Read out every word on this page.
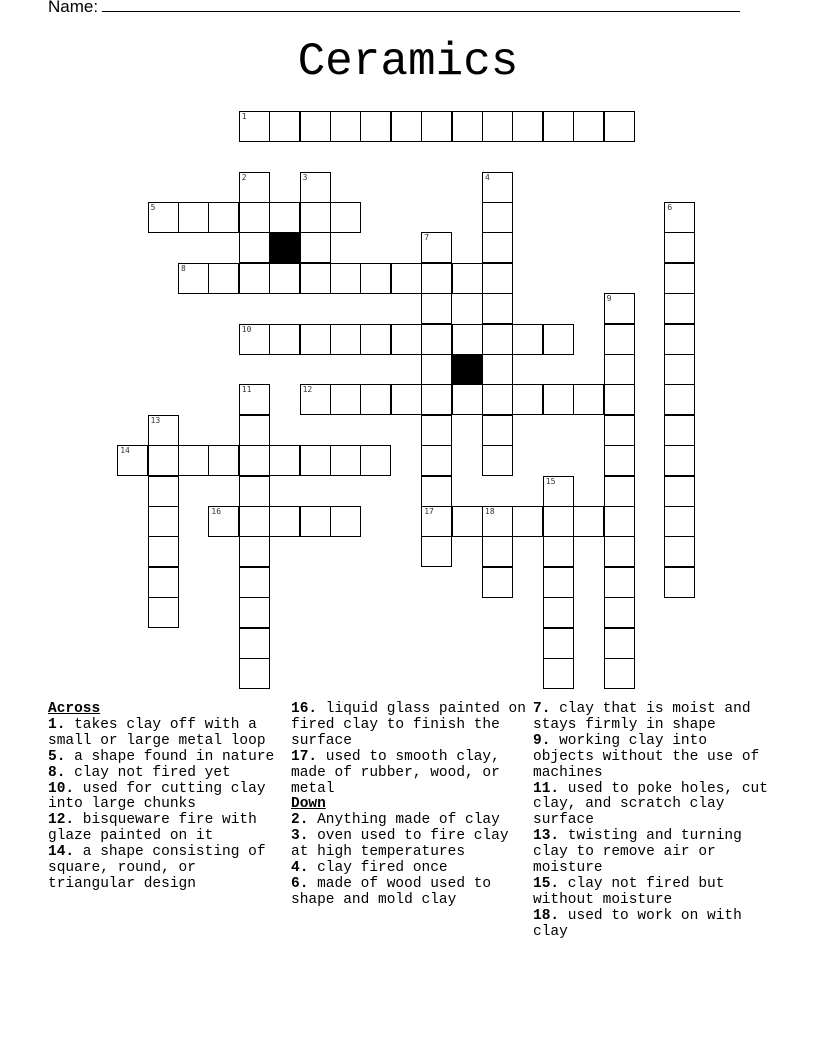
Name:
Ceramics
1
5
8
10
12
14
16	17	18
2	3	4
6
7
9
11
13
15
Across
1. takes clay off with a small or large metal loop
5. a shape found in nature
8. clay not fired yet
10. used for cutting clay into large chunks
12. bisqueware fire with glaze painted on it
14. a shape consisting of square, round, or triangular design
16. liquid glass painted on fired clay to finish the surface
17. used to smooth clay, made of rubber, wood, or metal
Down
2. Anything made of clay
3. oven used to fire clay at high temperatures
4. clay fired once
6. made of wood used to shape and mold clay
7. clay that is moist and stays firmly in shape
9. working clay into objects without the use of machines
11. used to poke holes, cut clay, and scratch clay surface
13. twisting and turning clay to remove air or moisture
15. clay not fired but without moisture
18. used to work on with clay
